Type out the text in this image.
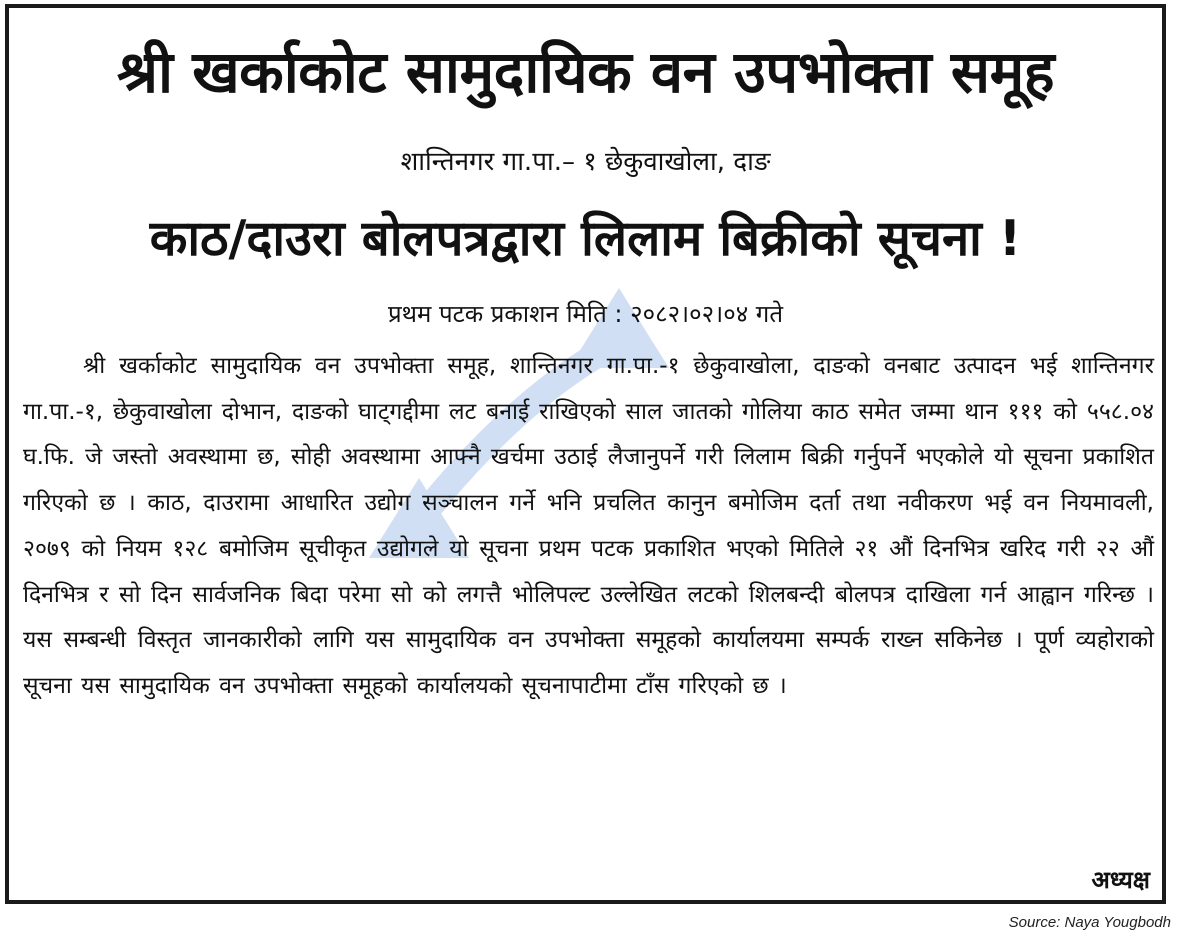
श्री खर्काकोट सामुदायिक वन उपभोक्ता समूह
शान्तिनगर गा.पा.– १ छेकुवाखोला, दाङ
काठ/दाउरा बोलपत्रद्वारा लिलाम बिक्रीको सूचना !
प्रथम पटक प्रकाशन मिति : २०८२।०२।०४ गते
श्री खर्काकोट सामुदायिक वन उपभोक्ता समूह, शान्तिनगर गा.पा.-१ छेकुवाखोला, दाङको वनबाट उत्पादन भई शान्तिनगर गा.पा.-१, छेकुवाखोला दोभान, दाङको घाट्गद्दीमा लट बनाई राखिएको साल जातको गोलिया काठ समेत जम्मा थान १११ को ५५८.०४ घ.फि. जे जस्तो अवस्थामा छ, सोही अवस्थामा आफ्नै खर्चमा उठाई लैजानुपर्ने गरी लिलाम बिक्री गर्नुपर्ने भएकोले यो सूचना प्रकाशित गरिएको छ । काठ, दाउरामा आधारित उद्योग सञ्चालन गर्ने भनि प्रचलित कानुन बमोजिम दर्ता तथा नवीकरण भई वन नियमावली, २०७९ को नियम १२८ बमोजिम सूचीकृत उद्योगले यो सूचना प्रथम पटक प्रकाशित भएको मितिले २१ औं दिनभित्र खरिद गरी २२ औं दिनभित्र र सो दिन सार्वजनिक बिदा परेमा सो को लगत्तै भोलिपल्ट उल्लेखित लटको शिलबन्दी बोलपत्र दाखिला गर्न आह्वान गरिन्छ । यस सम्बन्धी विस्तृत जानकारीको लागि यस सामुदायिक वन उपभोक्ता समूहको कार्यालयमा सम्पर्क राख्न सकिनेछ । पूर्ण व्यहोराको सूचना यस सामुदायिक वन उपभोक्ता समूहको कार्यालयको सूचनापाटीमा टाँस गरिएको छ ।
अध्यक्ष
Source: Naya Yougbodh
